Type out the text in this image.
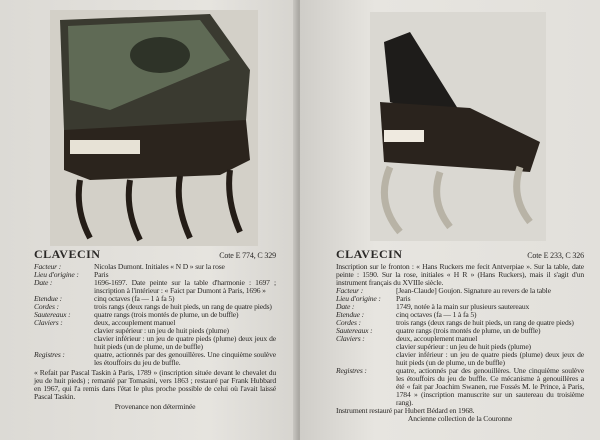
CLAVECIN	Cote E 774, C 329
Facteur :	Nicolas Dumont. Initiales « N D » sur la rose
Lieu d'origine :	Paris
Date :	1696-1697. Date peinte sur la table d'harmonie : 1697 ; inscription à l'intérieur : « Faict par Dumont à Paris, 1696 »
Etendue :	cinq octaves (fa — 1 à fa 5)
Cordes :	trois rangs (deux rangs de huit pieds, un rang de quatre pieds)
Sautereaux :	quatre rangs (trois montés de plume, un de buffle)
Claviers :	deux, accouplement manuel
clavier supérieur : un jeu de huit pieds (plume)
clavier inférieur : un jeu de quatre pieds (plume) deux jeux de huit pieds (un de plume, un de buffle)
Registres :	quatre, actionnés par des genouillères. Une cinquième soulève les étouffoirs du jeu de buffle.
« Refait par Pascal Taskin à Paris, 1789 » (inscription située devant le chevalet du jeu de huit pieds) ; remanié par Tomasini, vers 1863 ; restauré par Frank Hubbard en 1967, qui l'a remis dans l'état le plus proche possible de celui où l'avait laissé Pascal Taskin.
Provenance non déterminée
CLAVECIN	Cote E 233, C 326
Inscription sur le fronton : « Hans Ruckers me fecit Antverpiae ». Sur la table, date peinte : 1590. Sur la rose, initiales « H R » (Hans Ruckers), mais il s'agit d'un instrument français du XVIIIe siècle.
Facteur :	[Jean-Claude] Goujon. Signature au revers de la table
Lieu d'origine :	Paris
Date :	1749, notée à la main sur plusieurs sautereaux
Etendue :	cinq octaves (fa — 1 à fa 5)
Cordes :	trois rangs (deux rangs de huit pieds, un rang de quatre pieds)
Sautereaux :	quatre rangs (trois montés de plume, un de buffle)
Claviers :	deux, accouplement manuel
clavier supérieur : un jeu de huit pieds (plume)
clavier inférieur : un jeu de quatre pieds (plume) deux jeux de huit pieds (un de plume, un de buffle)
Registres :	quatre, actionnés par des genouillères. Une cinquième soulève les étouffoirs du jeu de buffle. Ce mécanisme à genouillères a été « fait par Joachim Swanen, rue Fossés M. le Prince, à Paris, 1784 » (inscription manuscrite sur un sautereau du troisième rang).
Instrument restauré par Hubert Bédard en 1968.
Ancienne collection de la Couronne
